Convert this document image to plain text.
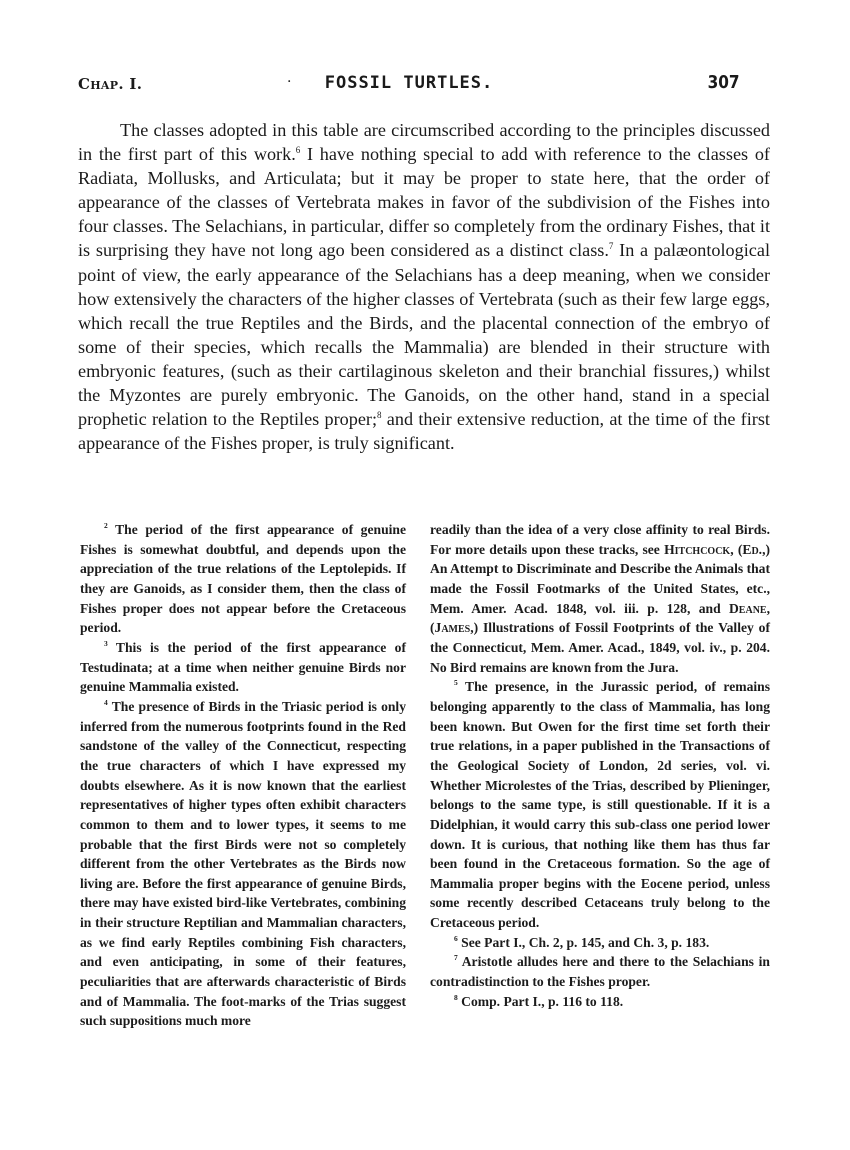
Chap. I.	·	FOSSIL TURTLES.	307

The classes adopted in this table are circumscribed according to the principles discussed in the first part of this work.$^6$ I have nothing special to add with reference to the classes of Radiata, Mollusks, and Articulata; but it may be proper to state here, that the order of appearance of the classes of Vertebrata makes in favor of the subdivision of the Fishes into four classes. The Selachians, in particular, differ so completely from the ordinary Fishes, that it is surprising they have not long ago been considered as a distinct class.$^7$ In a palæontological point of view, the early appearance of the Selachians has a deep meaning, when we consider how extensively the characters of the higher classes of Vertebrata (such as their few large eggs, which recall the true Reptiles and the Birds, and the placental connection of the embryo of some of their species, which recalls the Mammalia) are blended in their structure with embryonic features, (such as their cartilaginous skeleton and their branchial fissures,) whilst the Myzontes are purely embryonic. The Ganoids, on the other hand, stand in a special prophetic relation to the Reptiles proper;$^8$ and their extensive reduction, at the time of the first appearance of the Fishes proper, is truly significant.

$^2$ The period of the first appearance of genuine Fishes is somewhat doubtful, and depends upon the appreciation of the true relations of the Leptolepids. If they are Ganoids, as I consider them, then the class of Fishes proper does not appear before the Cretaceous period.

$^3$ This is the period of the first appearance of Testudinata; at a time when neither genuine Birds nor genuine Mammalia existed.

$^4$ The presence of Birds in the Triasic period is only inferred from the numerous footprints found in the Red sandstone of the valley of the Connecticut, respecting the true characters of which I have expressed my doubts elsewhere. As it is now known that the earliest representatives of higher types often exhibit characters common to them and to lower types, it seems to me probable that the first Birds were not so completely different from the other Vertebrates as the Birds now living are. Before the first appearance of genuine Birds, there may have existed bird-like Vertebrates, combining in their structure Reptilian and Mammalian characters, as we find early Reptiles combining Fish characters, and even anticipating, in some of their features, peculiarities that are afterwards characteristic of Birds and of Mammalia. The foot-marks of the Trias suggest such suppositions much more

readily than the idea of a very close affinity to real Birds. For more details upon these tracks, see Hitchcock, (Ed.,) An Attempt to Discriminate and Describe the Animals that made the Fossil Footmarks of the United States, etc., Mem. Amer. Acad. 1848, vol. iii. p. 128, and Deane, (James,) Illustrations of Fossil Footprints of the Valley of the Connecticut, Mem. Amer. Acad., 1849, vol. iv., p. 204. No Bird remains are known from the Jura.

$^5$ The presence, in the Jurassic period, of remains belonging apparently to the class of Mammalia, has long been known. But Owen for the first time set forth their true relations, in a paper published in the Transactions of the Geological Society of London, 2d series, vol. vi. Whether Microlestes of the Trias, described by Plieninger, belongs to the same type, is still questionable. If it is a Didelphian, it would carry this sub-class one period lower down. It is curious, that nothing like them has thus far been found in the Cretaceous formation. So the age of Mammalia proper begins with the Eocene period, unless some recently described Cetaceans truly belong to the Cretaceous period.

$^6$ See Part I., Ch. 2, p. 145, and Ch. 3, p. 183.

$^7$ Aristotle alludes here and there to the Selachians in contradistinction to the Fishes proper.

$^8$ Comp. Part I., p. 116 to 118.
